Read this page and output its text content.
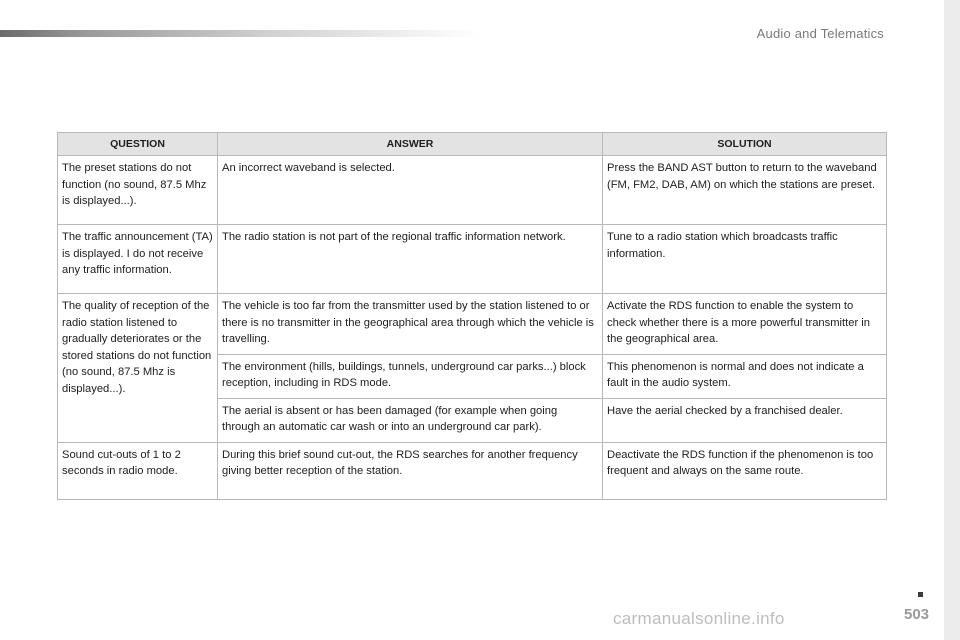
Audio and Telematics
QUESTION	ANSWER	SOLUTION
The preset stations do not function (no sound, 87.5 Mhz is displayed...).	An incorrect waveband is selected.	Press the BAND AST button to return to the waveband (FM, FM2, DAB, AM) on which the stations are preset.
The traffic announcement (TA) is displayed. I do not receive any traffic information.	The radio station is not part of the regional traffic information network.	Tune to a radio station which broadcasts traffic information.
The quality of reception of the radio station listened to gradually deteriorates or the stored stations do not function (no sound, 87.5 Mhz is displayed...).	The vehicle is too far from the transmitter used by the station listened to or there is no transmitter in the geographical area through which the vehicle is travelling.	Activate the RDS function to enable the system to check whether there is a more powerful transmitter in the geographical area.
	The environment (hills, buildings, tunnels, underground car parks...) block reception, including in RDS mode.	This phenomenon is normal and does not indicate a fault in the audio system.
	The aerial is absent or has been damaged (for example when going through an automatic car wash or into an underground car park).	Have the aerial checked by a franchised dealer.
Sound cut-outs of 1 to 2 seconds in radio mode.	During this brief sound cut-out, the RDS searches for another frequency giving better reception of the station.	Deactivate the RDS function if the phenomenon is too frequent and always on the same route.
503
carmanualsonline.info
